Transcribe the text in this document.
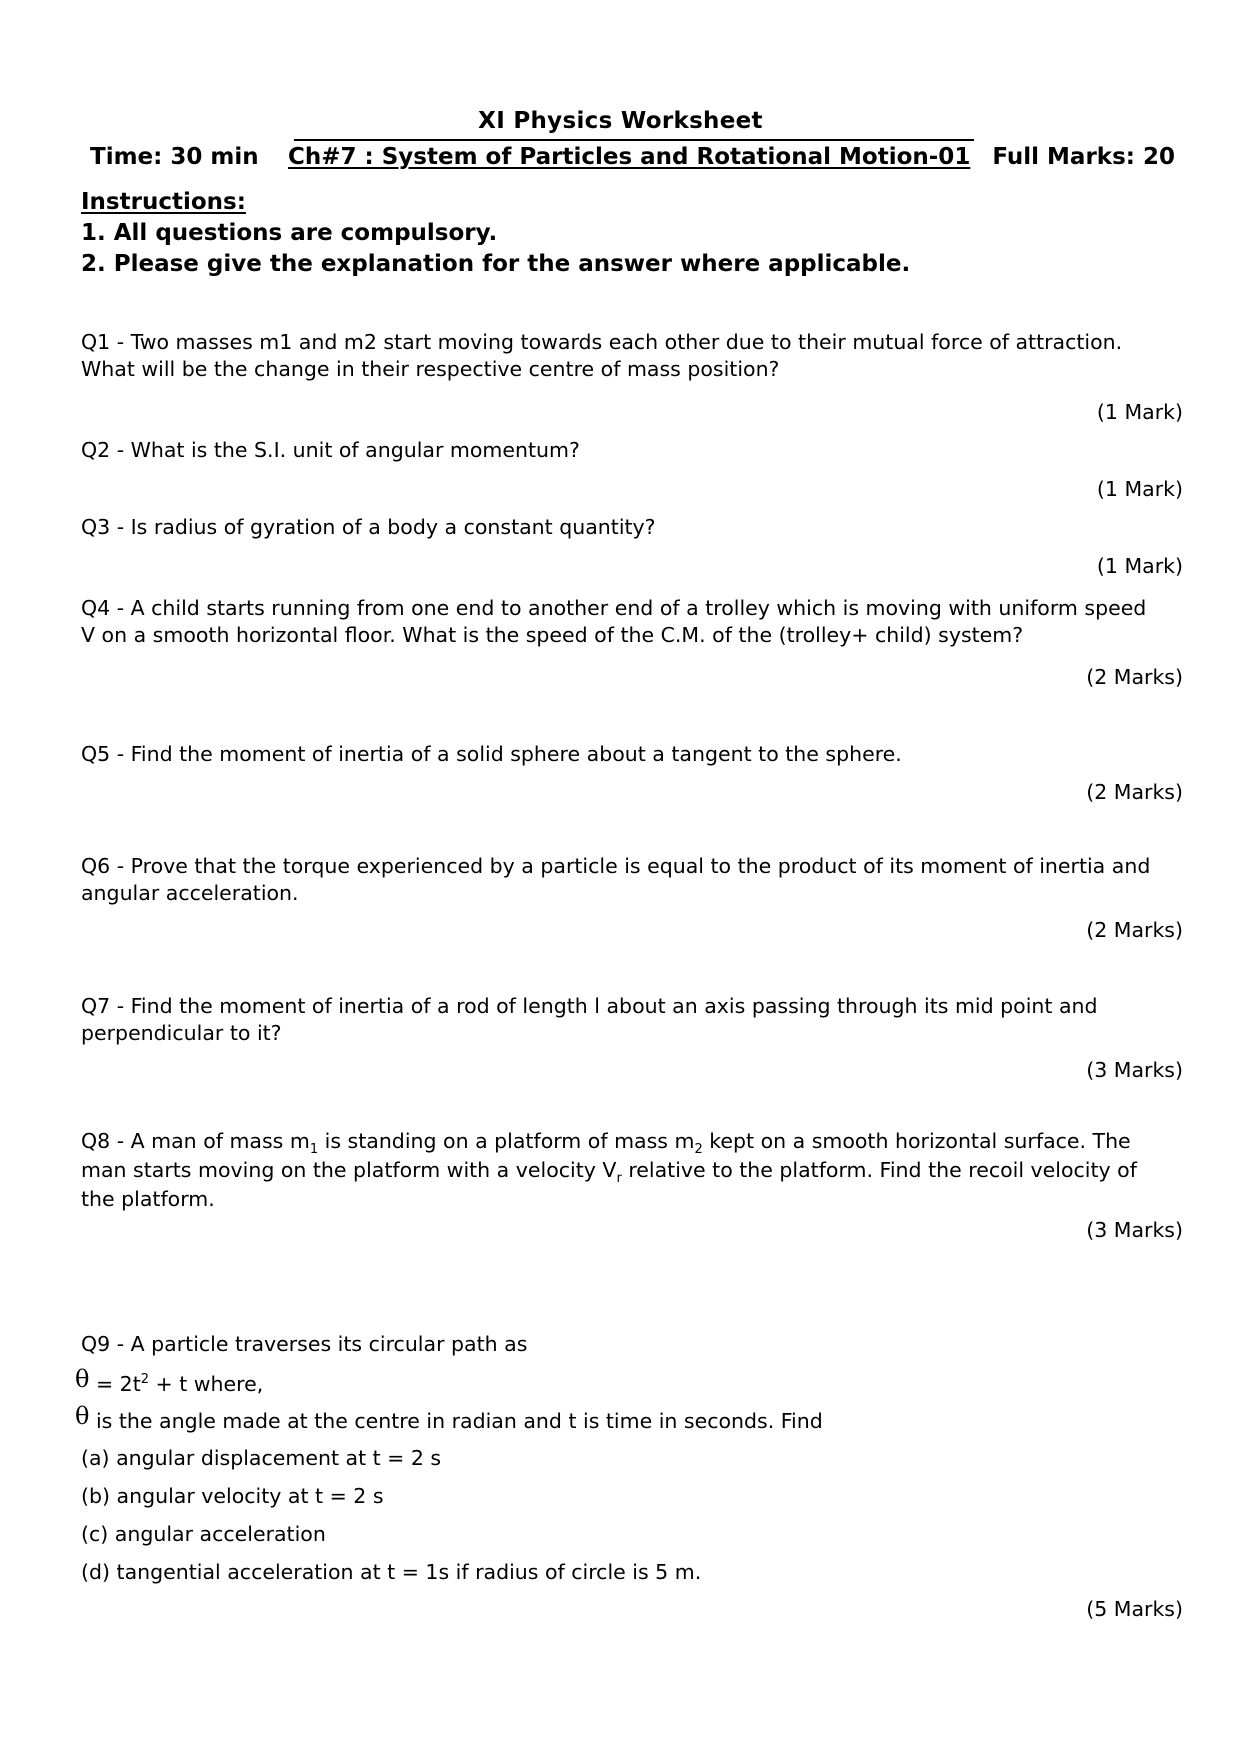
XI Physics Worksheet
Time: 30 min Ch#7 : System of Particles and Rotational Motion-01 Full Marks: 20
Instructions:
1. All questions are compulsory.
2. Please give the explanation for the answer where applicable.
Q1 - Two masses m1 and m2 start moving towards each other due to their mutual force of attraction.
What will be the change in their respective centre of mass position?
(1 Mark)
Q2 - What is the S.I. unit of angular momentum?
(1 Mark)
Q3 - Is radius of gyration of a body a constant quantity?
(1 Mark)
Q4 - A child starts running from one end to another end of a trolley which is moving with uniform speed
V on a smooth horizontal floor. What is the speed of the C.M. of the (trolley+ child) system?
(2 Marks)
Q5 - Find the moment of inertia of a solid sphere about a tangent to the sphere.
(2 Marks)
Q6 - Prove that the torque experienced by a particle is equal to the product of its moment of inertia and
angular acceleration.
(2 Marks)
Q7 - Find the moment of inertia of a rod of length l about an axis passing through its mid point and
perpendicular to it?
(3 Marks)
Q8 - A man of mass $m_1$ is standing on a platform of mass $m_2$ kept on a smooth horizontal surface. The
man starts moving on the platform with a velocity $V_r$ relative to the platform. Find the recoil velocity of
the platform.
(3 Marks)
Q9 - A particle traverses its circular path as
$\theta = 2t^2 + t$ where,
θ is the angle made at the centre in radian and t is time in seconds. Find
(a) angular displacement at t = 2 s
(b) angular velocity at t = 2 s
(c) angular acceleration
(d) tangential acceleration at t = 1s if radius of circle is 5 m.
(5 Marks)
